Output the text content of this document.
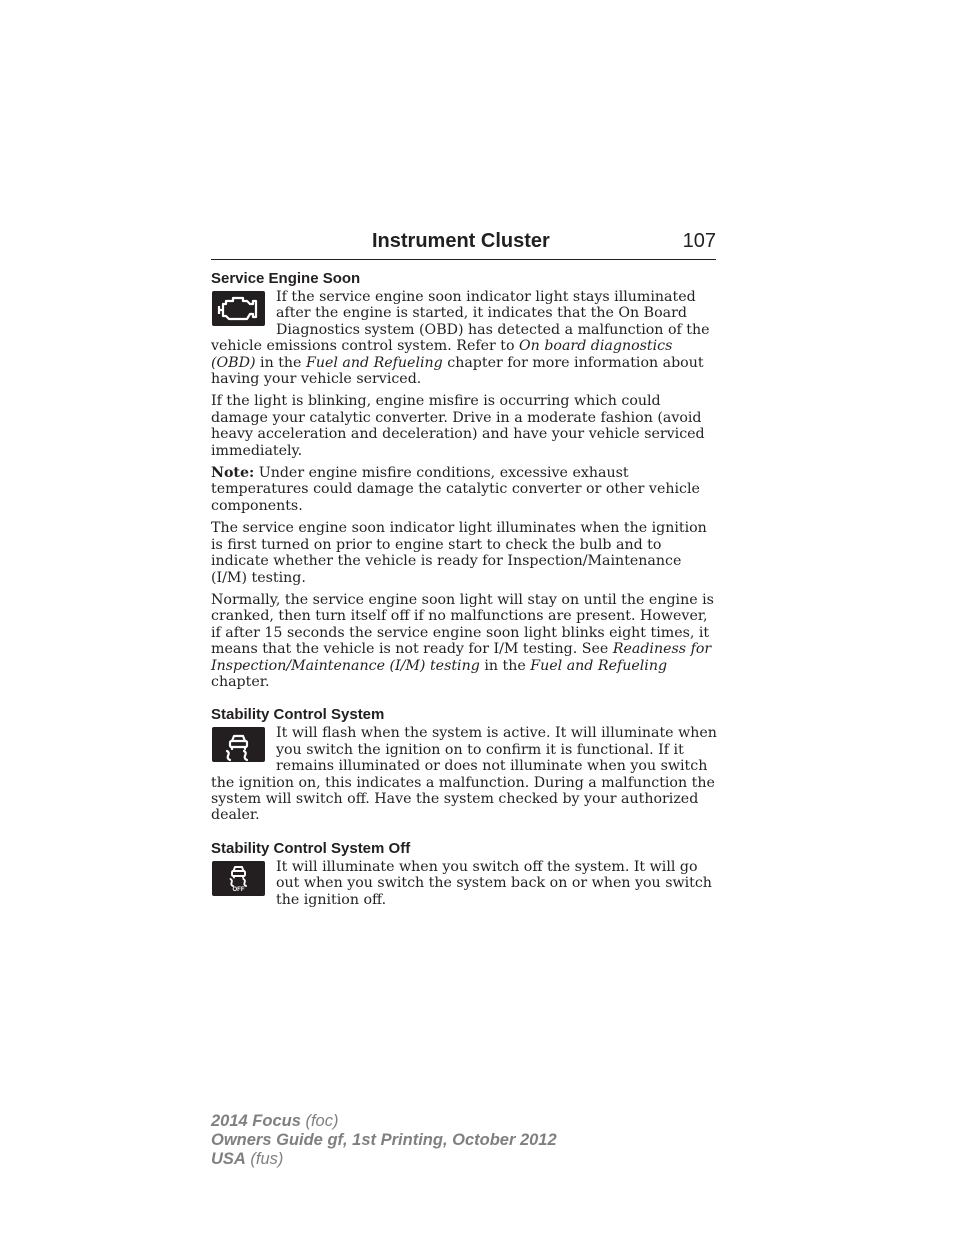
Instrument Cluster	107
Service Engine Soon

If the service engine soon indicator light stays illuminated after the engine is started, it indicates that the On Board Diagnostics system (OBD) has detected a malfunction of the vehicle emissions control system. Refer to On board diagnostics (OBD) in the Fuel and Refueling chapter for more information about having your vehicle serviced.

If the light is blinking, engine misfire is occurring which could damage your catalytic converter. Drive in a moderate fashion (avoid heavy acceleration and deceleration) and have your vehicle serviced immediately.

Note: Under engine misfire conditions, excessive exhaust temperatures could damage the catalytic converter or other vehicle components.

The service engine soon indicator light illuminates when the ignition is first turned on prior to engine start to check the bulb and to indicate whether the vehicle is ready for Inspection/Maintenance (I/M) testing.

Normally, the service engine soon light will stay on until the engine is cranked, then turn itself off if no malfunctions are present. However, if after 15 seconds the service engine soon light blinks eight times, it means that the vehicle is not ready for I/M testing. See Readiness for Inspection/Maintenance (I/M) testing in the Fuel and Refueling chapter.

Stability Control System

It will flash when the system is active. It will illuminate when you switch the ignition on to confirm it is functional. If it remains illuminated or does not illuminate when you switch the ignition on, this indicates a malfunction. During a malfunction the system will switch off. Have the system checked by your authorized dealer.

Stability Control System Off
OFF

It will illuminate when you switch off the system. It will go out when you switch the system back on or when you switch the ignition off.

2014 Focus (foc)
Owners Guide gf, 1st Printing, October 2012
USA (fus)
